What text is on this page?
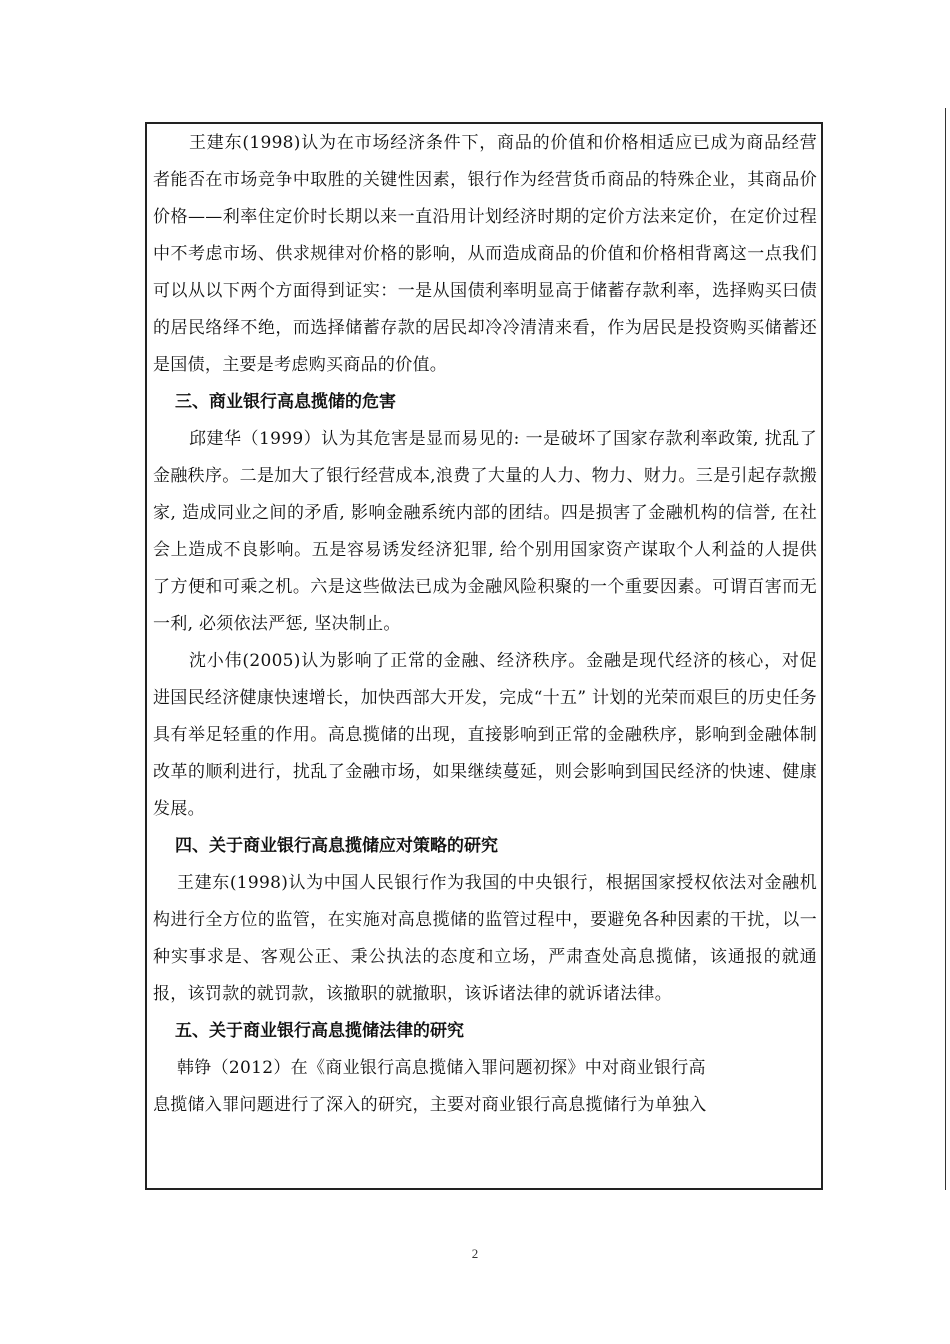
王建东(1998)认为在市场经济条件下，商品的价值和价格相适应已成为商品经营者能否在市场竞争中取胜的关键性因素，银行作为经营货币商品的特殊企业，其商品价价格——利率住定价时长期以来一直沿用计划经济时期的定价方法来定价，在定价过程中不考虑市场、供求规律对价格的影响，从而造成商品的价值和价格相背离这一点我们可以从以下两个方面得到证实：一是从国债利率明显高于储蓄存款利率，选择购买曰债的居民络绎不绝，而选择储蓄存款的居民却冷冷清清来看，作为居民是投资购买储蓄还是国债，主要是考虑购买商品的价值。

三、商业银行高息揽储的危害

邱建华（1999）认为其危害是显而易见的: 一是破坏了国家存款利率政策, 扰乱了金融秩序。二是加大了银行经营成本,浪费了大量的人力、物力、财力。三是引起存款搬家, 造成同业之间的矛盾, 影响金融系统内部的团结。四是损害了金融机构的信誉, 在社会上造成不良影响。五是容易诱发经济犯罪, 给个别用国家资产谋取个人利益的人提供了方便和可乘之机。六是这些做法已成为金融风险积聚的一个重要因素。可谓百害而无一利, 必须依法严惩, 坚决制止。

沈小伟(2005)认为影响了正常的金融、经济秩序。金融是现代经济的核心，对促进国民经济健康快速增长，加快西部大开发，完成“十五” 计划的光荣而艰巨的历史任务具有举足轻重的作用。高息揽储的出现，直接影响到正常的金融秩序，影响到金融体制改革的顺利进行，扰乱了金融市场，如果继续蔓延，则会影响到国民经济的快速、健康发展。

四、关于商业银行高息揽储应对策略的研究

王建东(1998)认为中国人民银行作为我国的中央银行，根据国家授权依法对金融机构进行全方位的监管，在实施对高息揽储的监管过程中，要避免各种因素的干扰，以一种实事求是、客观公正、秉公执法的态度和立场，严肃查处高息揽储，该通报的就通报，该罚款的就罚款，该撤职的就撤职，该诉诸法律的就诉诸法律。

五、关于商业银行高息揽储法律的研究

韩铮（2012）在《商业银行高息揽储入罪问题初探》中对商业银行高

息揽储入罪问题进行了深入的研究，主要对商业银行高息揽储行为单独入

2
